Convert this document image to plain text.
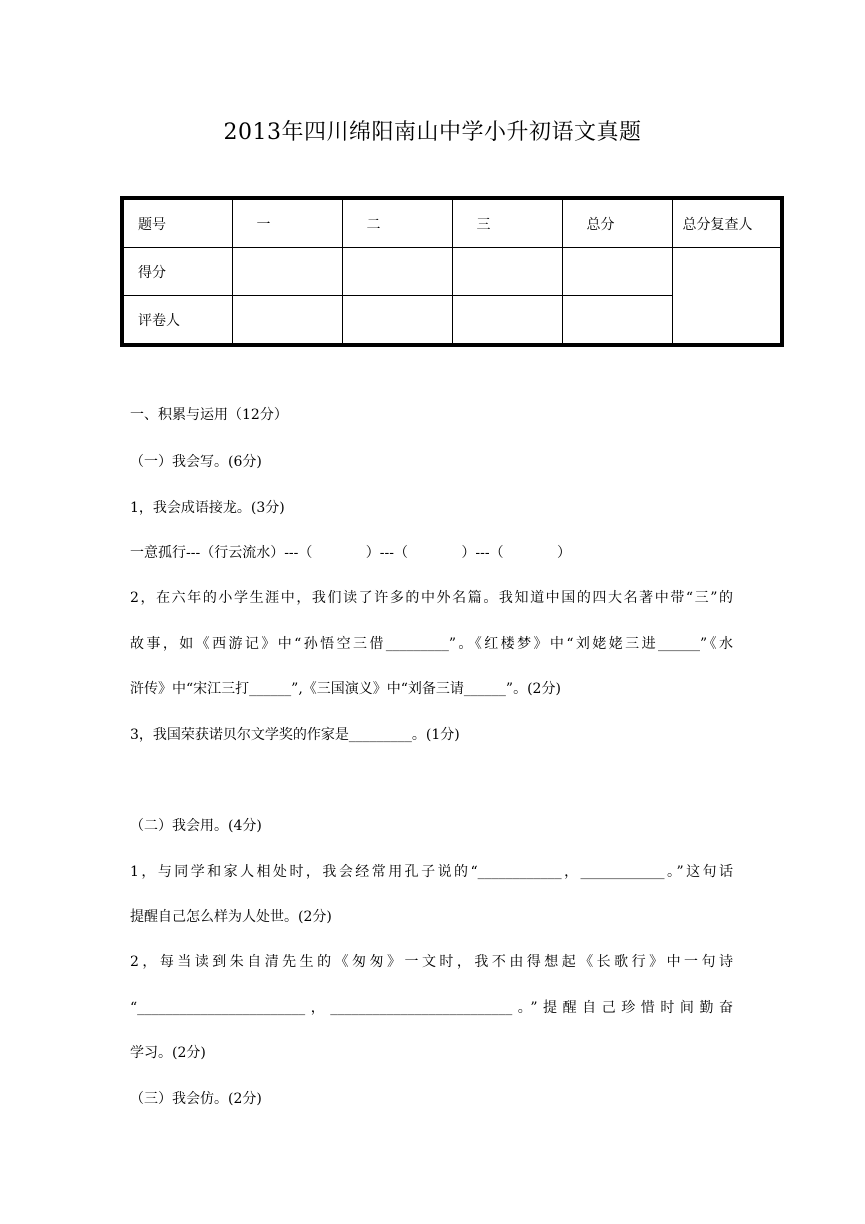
2013年四川绵阳南山中学小升初语文真题
题号	一	二	三	总分	总分复查人
得分					
评卷人					
一、积累与运用（12分）
（一）我会写。(6分)
1，我会成语接龙。(3分)
一意孤行---（行云流水）---（            ）---（            ）---（            ）
2，在六年的小学生涯中，我们读了许多的中外名篇。我知道中国的四大名著中带“三”的
故事，如《西游记》中“孙悟空三借_________”。《红楼梦》中“刘姥姥三进______”《水
浒传》中“宋江三打______”,《三国演义》中“刘备三请______”。(2分)
3，我国荣获诺贝尔文学奖的作家是_________。(1分)
（二）我会用。(4分)
1，与同学和家人相处时，我会经常用孔子说的“____________，____________。”这句话
提醒自己怎么样为人处世。(2分)
2，每当读到朱自清先生的《匆匆》一文时，我不由得想起《长歌行》中一句诗
“________________________，__________________________。”提醒自己珍惜时间勤奋
学习。(2分)
（三）我会仿。(2分)
